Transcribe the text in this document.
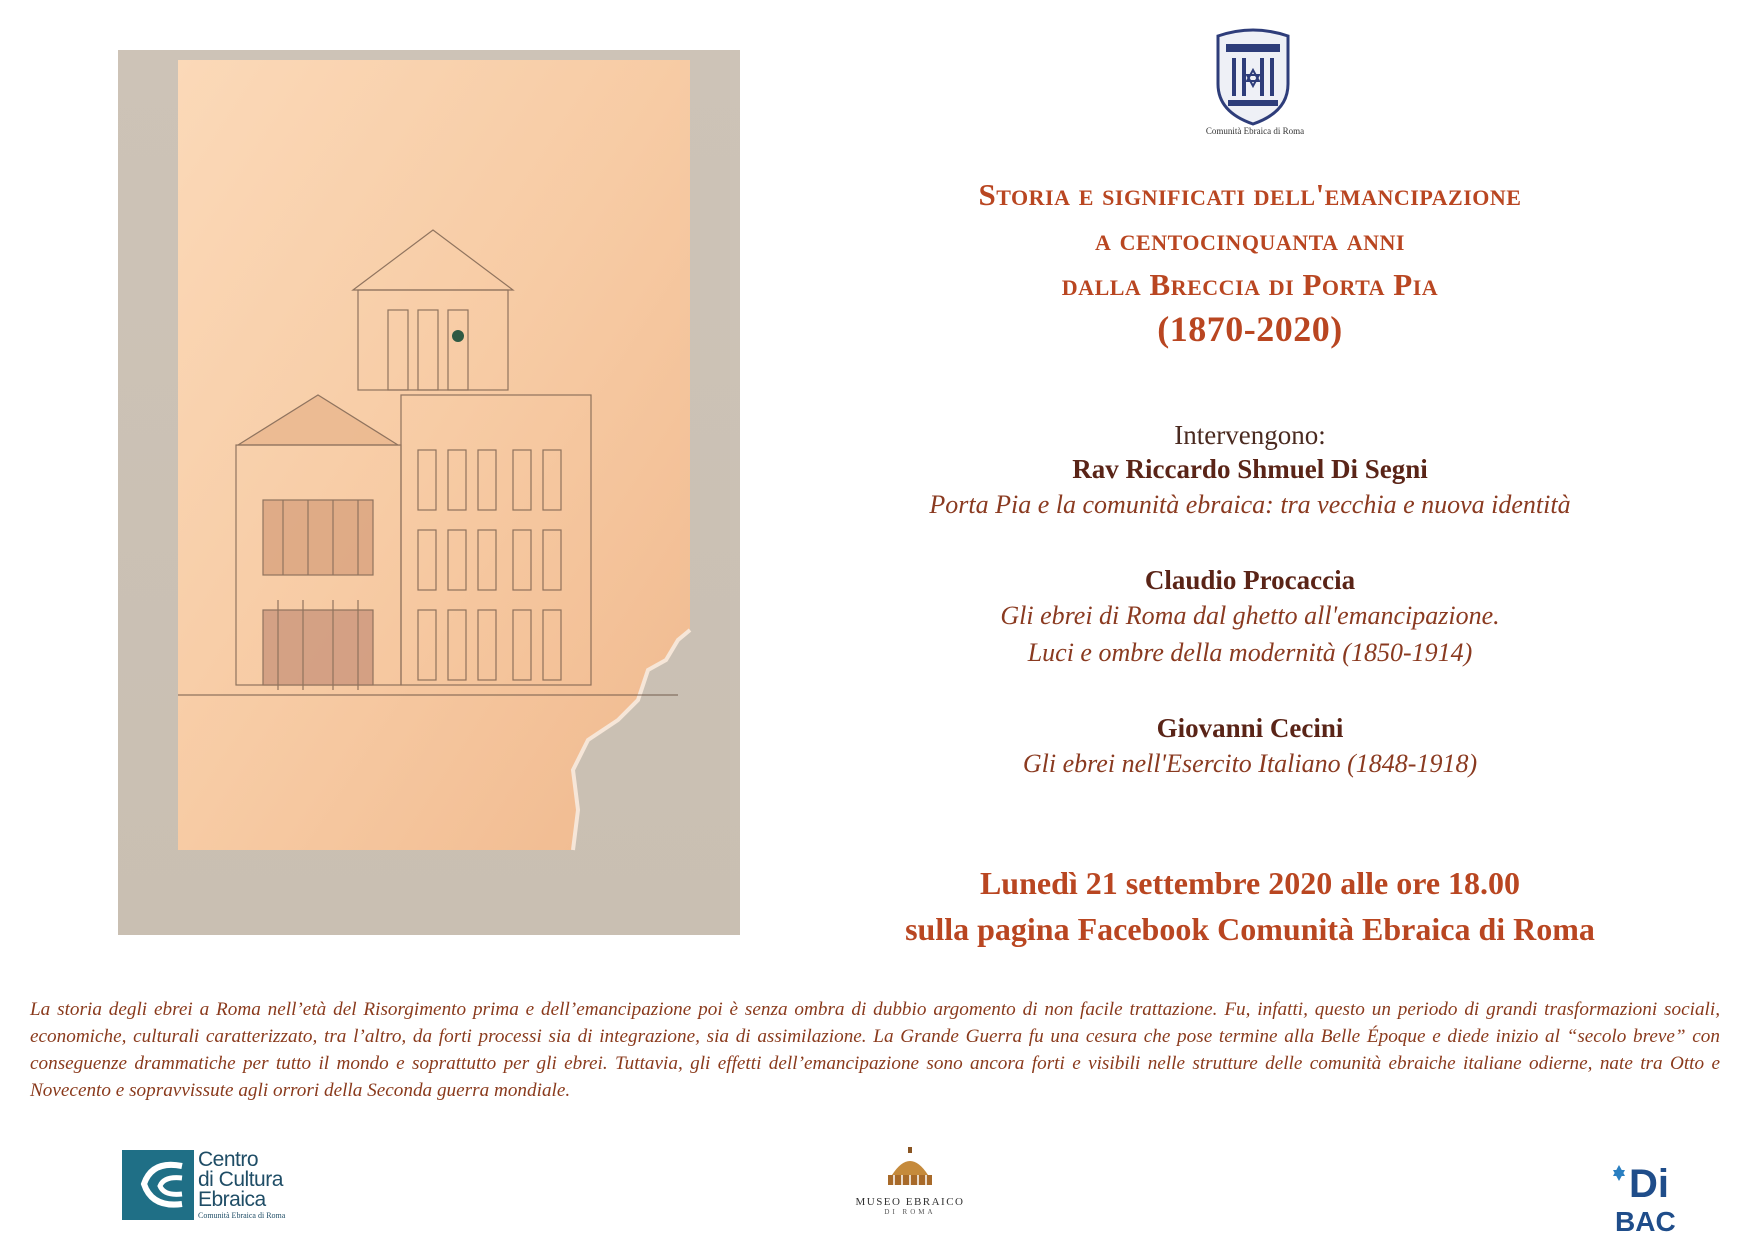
Comunità Ebraica di Roma
Storia e significati dell'emancipazione
a centocinquanta anni
dalla Breccia di Porta Pia
(1870-2020)
Intervengono:
Rav Riccardo Shmuel Di Segni
Porta Pia e la comunità ebraica: tra vecchia e nuova identità
Claudio Procaccia
Gli ebrei di Roma dal ghetto all'emancipazione.
Luci e ombre della modernità (1850-1914)
Giovanni Cecini
Gli ebrei nell'Esercito Italiano (1848-1918)
Lunedì 21 settembre 2020 alle ore 18.00
sulla pagina Facebook Comunità Ebraica di Roma
La storia degli ebrei a Roma nell’età del Risorgimento prima e dell’emancipazione poi è senza ombra di dubbio argomento di non facile trattazione. Fu, infatti, questo un periodo di grandi trasformazioni sociali, economiche, culturali caratterizzato, tra l’altro, da forti processi sia di integrazione, sia di assimilazione. La Grande Guerra fu una cesura che pose termine alla Belle Époque e diede inizio al “secolo breve” con conseguenze drammatiche per tutto il mondo e soprattutto per gli ebrei. Tuttavia, gli effetti dell’emancipazione sono ancora forti e visibili nelle strutture delle comunità ebraiche italiane odierne, nate tra Otto e Novecento e sopravvissute agli orrori della Seconda guerra mondiale.
Centro
di Cultura
Ebraica
Comunità Ebraica di Roma
MUSEO EBRAICO
DI ROMA
Di
BAC
